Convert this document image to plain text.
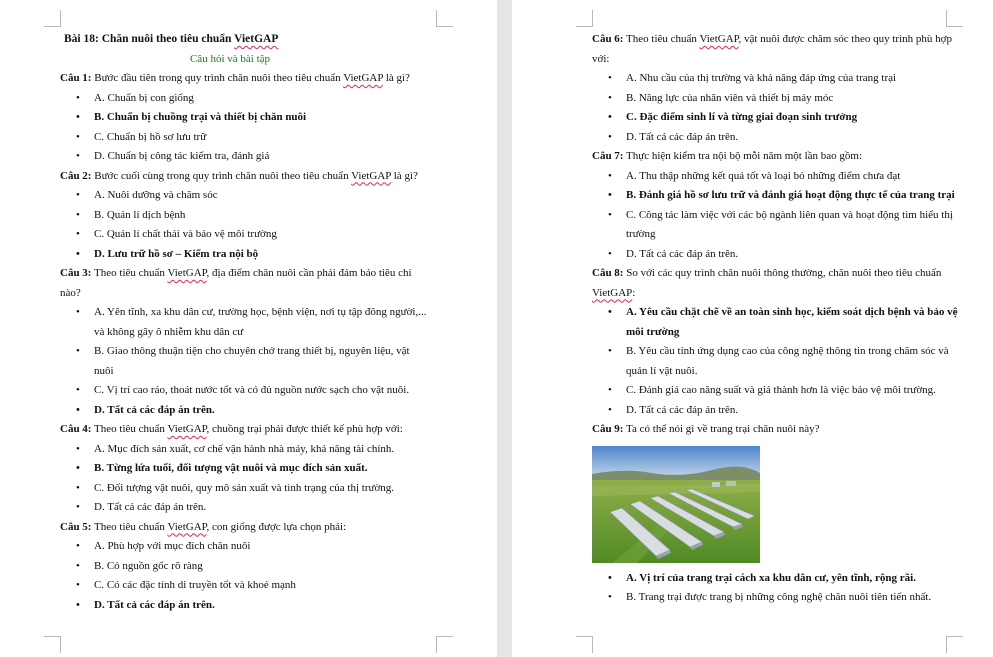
Bài 18: Chăn nuôi theo tiêu chuẩn VietGAP
Câu hỏi và bài tập
Câu 1: Bước đầu tiên trong quy trình chăn nuôi theo tiêu chuẩn VietGAP là gì?
• A. Chuẩn bị con giống
• B. Chuẩn bị chuồng trại và thiết bị chăn nuôi
• C. Chuẩn bị hồ sơ lưu trữ
• D. Chuẩn bị công tác kiểm tra, đánh giá
Câu 2: Bước cuối cùng trong quy trình chăn nuôi theo tiêu chuẩn VietGAP là gì?
• A. Nuôi dưỡng và chăm sóc
• B. Quản lí dịch bệnh
• C. Quản lí chất thải và bảo vệ môi trường
• D. Lưu trữ hồ sơ – Kiểm tra nội bộ
Câu 3: Theo tiêu chuẩn VietGAP, địa điểm chăn nuôi cần phải đảm bảo tiêu chí nào?
• A. Yên tĩnh, xa khu dân cư, trường học, bệnh viện, nơi tụ tập đông người,... và không gây ô nhiễm khu dân cư
• B. Giao thông thuận tiện cho chuyên chở trang thiết bị, nguyên liệu, vật nuôi
• C. Vị trí cao ráo, thoát nước tốt và có đủ nguồn nước sạch cho vật nuôi.
• D. Tất cả các đáp án trên.
Câu 4: Theo tiêu chuẩn VietGAP, chuồng trại phải được thiết kế phù hợp với:
• A. Mục đích sản xuất, cơ chế vận hành nhà máy, khả năng tài chính.
• B. Từng lứa tuổi, đối tượng vật nuôi và mục đích sản xuất.
• C. Đối tượng vật nuôi, quy mô sản xuất và tình trạng của thị trường.
• D. Tất cả các đáp án trên.
Câu 5: Theo tiêu chuẩn VietGAP, con giống được lựa chọn phải:
• A. Phù hợp với mục đích chăn nuôi
• B. Có nguồn gốc rõ ràng
• C. Có các đặc tính di truyền tốt và khoẻ mạnh
• D. Tất cả các đáp án trên.
Câu 6: Theo tiêu chuẩn VietGAP, vật nuôi được chăm sóc theo quy trình phù hợp với:
• A. Nhu cầu của thị trường và khả năng đáp ứng của trang trại
• B. Năng lực của nhân viên và thiết bị máy móc
• C. Đặc điểm sinh lí và từng giai đoạn sinh trưởng
• D. Tất cả các đáp án trên.
Câu 7: Thực hiện kiểm tra nội bộ mỗi năm một lần bao gồm:
• A. Thu thập những kết quả tốt và loại bỏ những điểm chưa đạt
• B. Đánh giá hồ sơ lưu trữ và đánh giá hoạt động thực tế của trang trại
• C. Công tác làm việc với các bộ ngành liên quan và hoạt động tìm hiểu thị trường
• D. Tất cả các đáp án trên.
Câu 8: So với các quy trình chăn nuôi thông thường, chăn nuôi theo tiêu chuẩn VietGAP:
• A. Yêu cầu chặt chẽ về an toàn sinh học, kiểm soát dịch bệnh và bảo vệ môi trường
• B. Yêu cầu tính ứng dụng cao của công nghệ thông tin trong chăm sóc và quản lí vật nuôi.
• C. Đánh giá cao năng suất và giá thành hơn là việc bảo vệ môi trường.
• D. Tất cả các đáp án trên.
Câu 9: Ta có thể nói gì về trang trại chăn nuôi này?
• A. Vị trí của trang trại cách xa khu dân cư, yên tĩnh, rộng rãi.
• B. Trang trại được trang bị những công nghệ chăn nuôi tiên tiến nhất.
